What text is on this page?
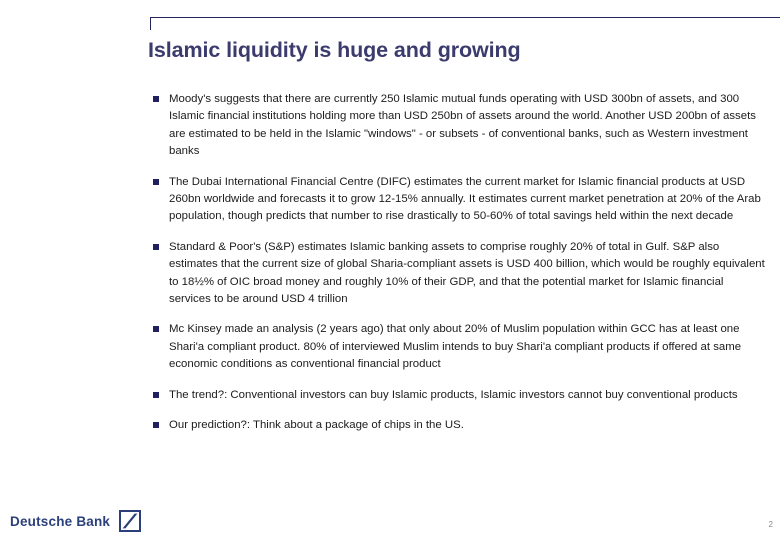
Islamic liquidity is huge and growing
Moody's suggests that there are currently 250 Islamic mutual funds operating with USD 300bn of assets, and 300 Islamic financial institutions holding more than USD 250bn of assets around the world. Another USD 200bn of assets are estimated to be held in the Islamic "windows" - or subsets - of conventional banks, such as Western investment banks
The Dubai International Financial Centre (DIFC) estimates the current market for Islamic financial products at USD 260bn worldwide and forecasts it to grow 12-15% annually. It estimates current market penetration at 20% of the Arab population, though predicts that number to rise drastically to 50-60% of total savings held within the next decade
Standard & Poor's (S&P) estimates Islamic banking assets to comprise roughly 20% of total in Gulf. S&P also estimates that the current size of global Sharia-compliant assets is USD 400 billion, which would be roughly equivalent to 18½% of OIC broad money and roughly 10% of their GDP, and that the potential market for Islamic financial services to be around USD 4 trillion
Mc Kinsey made an analysis (2 years ago) that only about 20% of Muslim population within GCC has at least one Shari'a compliant product. 80% of interviewed Muslim intends to buy Shari'a compliant products if offered at same economic conditions as conventional financial product
The trend?: Conventional investors can buy Islamic products, Islamic investors cannot buy conventional products
Our prediction?: Think about a package of chips in the US.
Deutsche Bank	2
